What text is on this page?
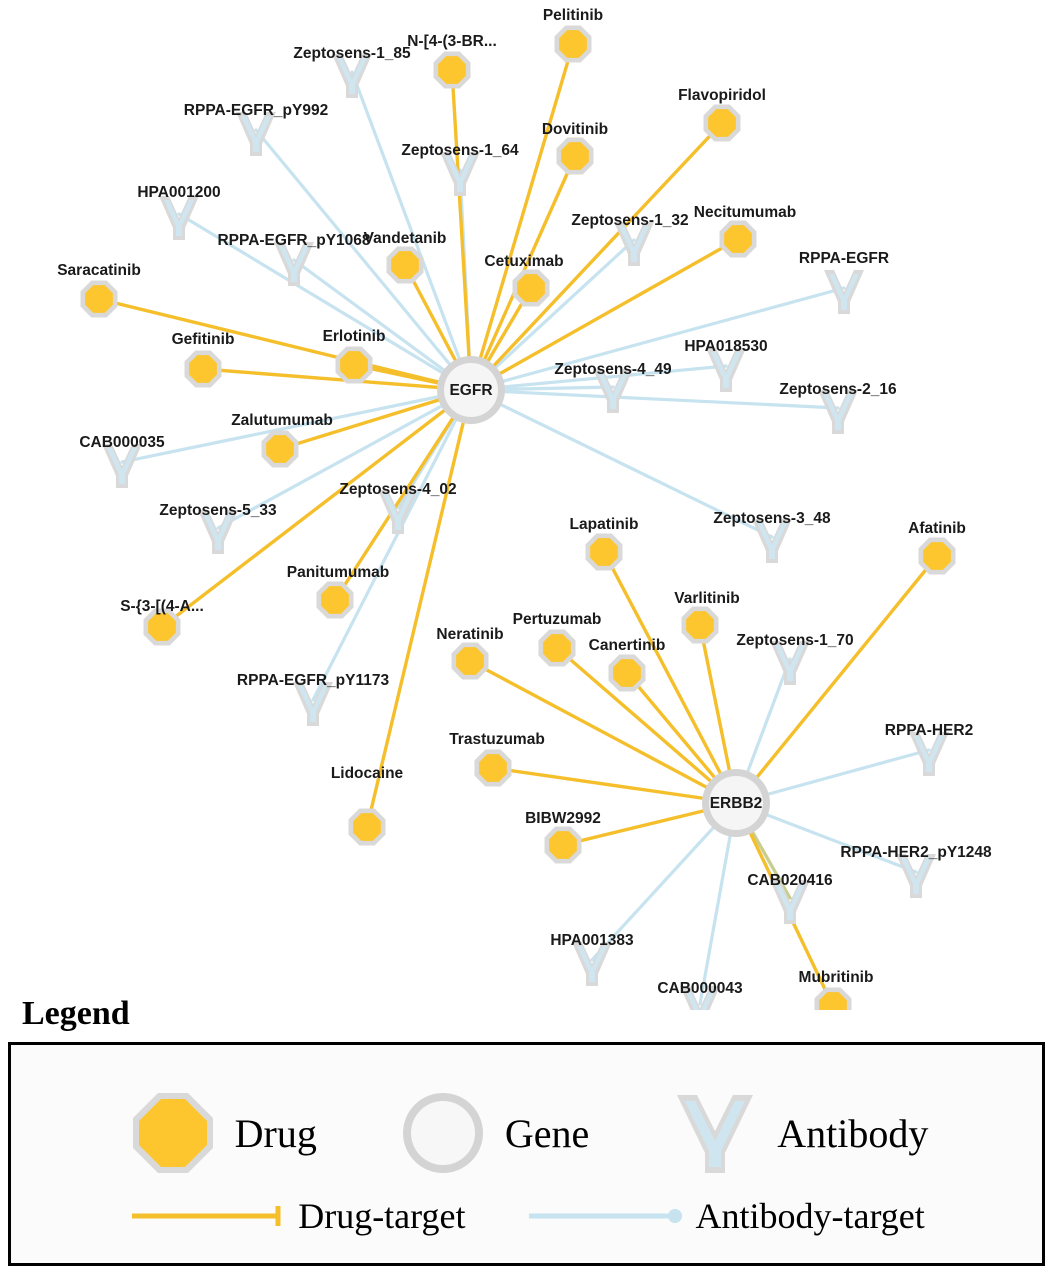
Zeptosens-1_85
RPPA-EGFR_pY992
Zeptosens-1_64
HPA001200
Zeptosens-1_32
RPPA-EGFR_pY1068
RPPA-EGFR
HPA018530
Zeptosens-4_49
Zeptosens-2_16
CAB000035
Zeptosens-4_02
Zeptosens-5_33	Zeptosens-3_48
Zeptosens-1_70
RPPA-EGFR_pY1173
RPPA-HER2
RPPA-HER2_pY1248
CAB020416
HPA001383
CAB000043
Pelitinib
N-[4-(3-BR...
Flavopiridol
Dovitinib
Necitumumab
Vandetanib
Cetuximab
Saracatinib
Gefitinib	Erlotinib
Zalutumumab
Lapatinib	Afatinib
Panitumumab
Varlitinib
S-{3-[(4-A...
Pertuzumab
Canertinib
Neratinib
Trastuzumab
Lidocaine
BIBW2992
Mubritinib
EGFR
ERBB2
Legend
Drug	Gene	Antibody
Drug-target	Antibody-target
